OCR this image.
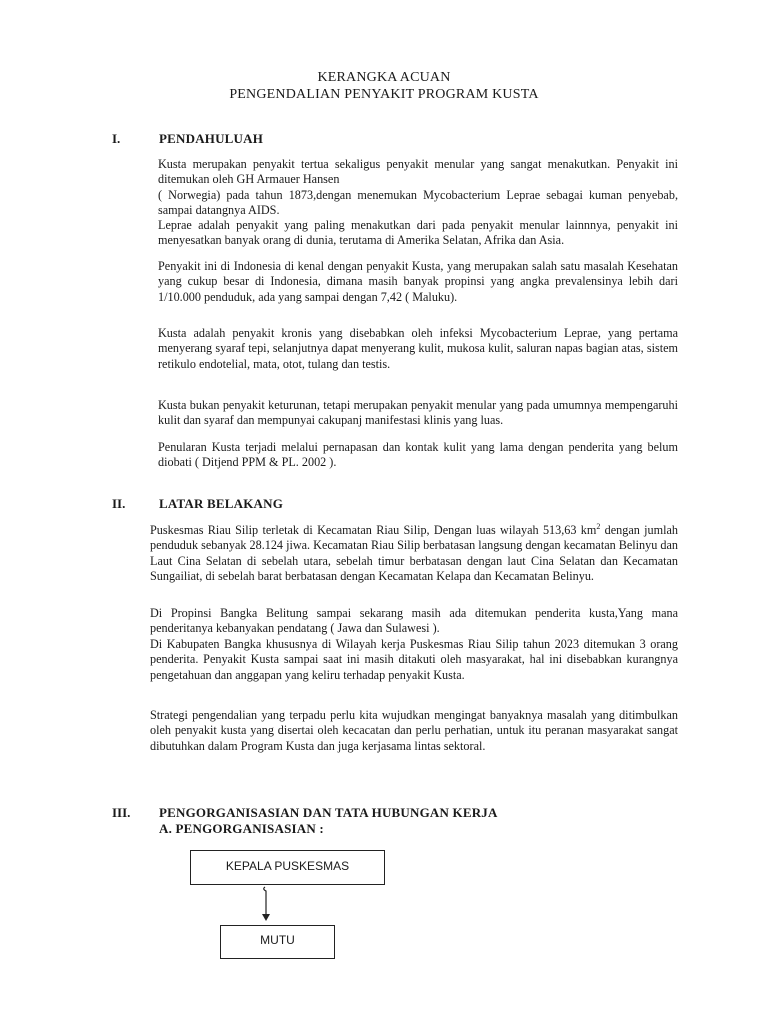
KERANGKA ACUAN
PENGENDALIAN PENYAKIT PROGRAM KUSTA
I.	PENDAHULUAH

Kusta merupakan penyakit tertua sekaligus penyakit menular yang sangat menakutkan. Penyakit ini ditemukan oleh GH Armauer Hansen

( Norwegia) pada tahun 1873,dengan menemukan Mycobacterium Leprae sebagai kuman penyebab, sampai datangnya AIDS.

Leprae adalah penyakit yang paling menakutkan dari pada penyakit menular lainnnya, penyakit ini menyesatkan banyak orang di dunia, terutama di Amerika Selatan, Afrika dan Asia.

Penyakit ini di Indonesia di kenal dengan penyakit Kusta, yang merupakan salah satu masalah Kesehatan yang cukup besar di Indonesia, dimana masih banyak propinsi yang angka prevalensinya lebih dari 1/10.000 penduduk, ada yang sampai dengan 7,42 ( Maluku).

Kusta adalah penyakit kronis yang disebabkan oleh infeksi Mycobacterium Leprae, yang pertama menyerang syaraf tepi, selanjutnya dapat menyerang kulit, mukosa kulit, saluran napas bagian atas, sistem retikulo endotelial, mata, otot, tulang dan testis.

Kusta bukan penyakit keturunan, tetapi merupakan penyakit menular yang pada umumnya mempengaruhi kulit dan syaraf dan mempunyai cakupanj manifestasi klinis yang luas.

Penularan Kusta terjadi melalui pernapasan dan kontak kulit yang lama dengan penderita yang belum diobati ( Ditjend PPM & PL. 2002 ).

II.	LATAR BELAKANG

Puskesmas Riau Silip terletak di Kecamatan Riau Silip, Dengan luas wilayah 513,63 $km^2$ dengan jumlah penduduk sebanyak 28.124 jiwa. Kecamatan Riau Silip berbatasan langsung dengan kecamatan Belinyu dan Laut Cina Selatan di sebelah utara, sebelah timur berbatasan dengan laut Cina Selatan dan Kecamatan Sungailiat, di sebelah barat berbatasan dengan Kecamatan Kelapa dan Kecamatan Belinyu.

Di Propinsi Bangka Belitung sampai sekarang masih ada ditemukan penderita kusta,Yang mana penderitanya kebanyakan pendatang ( Jawa dan Sulawesi ).

Di Kabupaten Bangka khususnya di Wilayah kerja Puskesmas Riau Silip tahun 2023 ditemukan 3 orang penderita. Penyakit Kusta sampai saat ini masih ditakuti oleh masyarakat, hal ini disebabkan kurangnya pengetahuan dan anggapan yang keliru terhadap penyakit Kusta.

Strategi pengendalian yang terpadu perlu kita wujudkan mengingat banyaknya masalah yang ditimbulkan oleh penyakit kusta yang disertai oleh kecacatan dan perlu perhatian, untuk itu peranan masyarakat sangat dibutuhkan dalam Program Kusta dan juga kerjasama lintas sektoral.

III. PENGORGANISASIAN DAN TATA HUBUNGAN KERJA
A. PENGORGANISASIAN :
KEPALA PUSKESMAS
MUTU
